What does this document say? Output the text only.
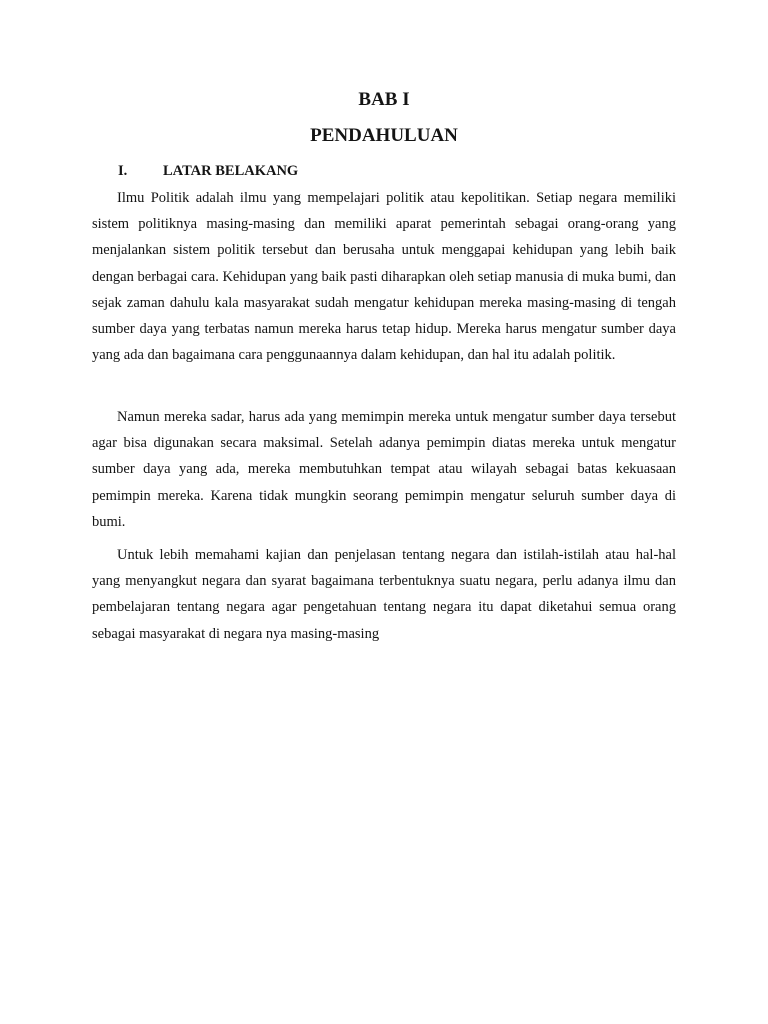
BAB I
PENDAHULUAN
I. LATAR BELAKANG

Ilmu Politik adalah ilmu yang mempelajari politik atau kepolitikan. Setiap negara memiliki sistem politiknya masing-masing dan memiliki aparat pemerintah sebagai orang-orang yang menjalankan sistem politik tersebut dan berusaha untuk menggapai kehidupan yang lebih baik dengan berbagai cara. Kehidupan yang baik pasti diharapkan oleh setiap manusia di muka bumi, dan sejak zaman dahulu kala masyarakat sudah mengatur kehidupan mereka masing-masing di tengah sumber daya yang terbatas namun mereka harus tetap hidup. Mereka harus mengatur sumber daya yang ada dan bagaimana cara penggunaannya dalam kehidupan, dan hal itu adalah politik.

Namun mereka sadar, harus ada yang memimpin mereka untuk mengatur sumber daya tersebut agar bisa digunakan secara maksimal. Setelah adanya pemimpin diatas mereka untuk mengatur sumber daya yang ada, mereka membutuhkan tempat atau wilayah sebagai batas kekuasaan pemimpin mereka. Karena tidak mungkin seorang pemimpin mengatur seluruh sumber daya di bumi.

Untuk lebih memahami kajian dan penjelasan tentang negara dan istilah-istilah atau hal-hal yang menyangkut negara dan syarat bagaimana terbentuknya suatu negara, perlu adanya ilmu dan pembelajaran tentang negara agar pengetahuan tentang negara itu dapat diketahui semua orang sebagai masyarakat di negara nya masing-masing
